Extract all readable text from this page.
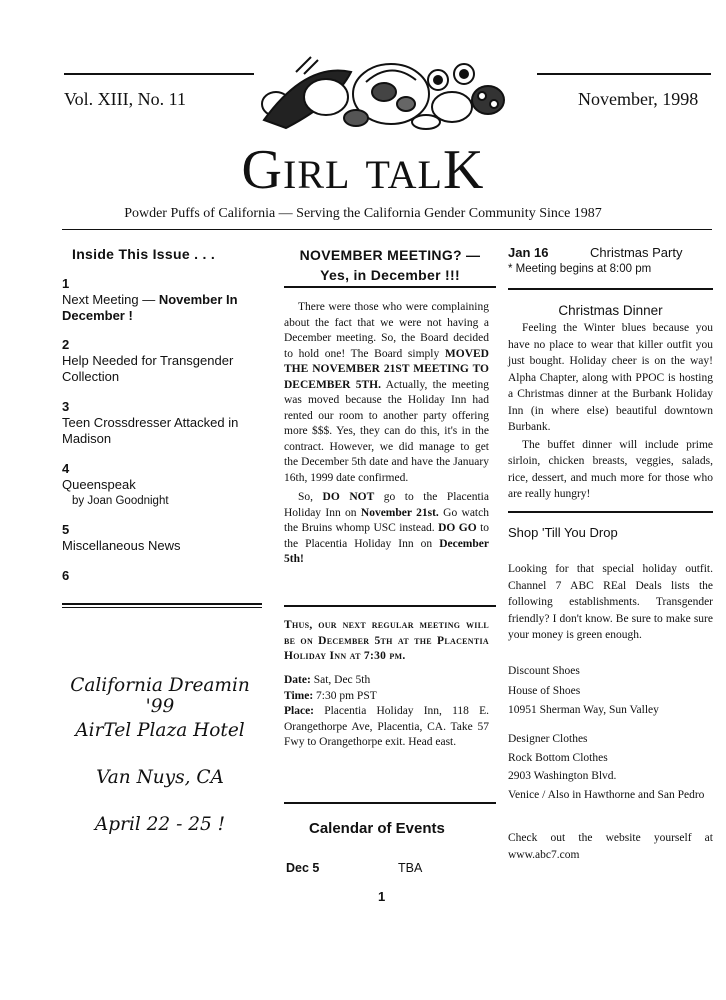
Vol. XIII, No. 11	November, 1998
GIRL TALK
Powder Puffs of California — Serving the California Gender Community Since 1987
Inside This Issue . . .
1
Next Meeting — November In December !
2
Help Needed for Transgender Collection
3
Teen Crossdresser Attacked in Madison
4
Queenspeak
by Joan Goodnight
5
Miscellaneous News
6
California Dreamin '99
AirTel Plaza Hotel
Van Nuys, CA
April 22 - 25 !
NOVEMBER MEETING? —
Yes, in December !!!

There were those who were complaining about the fact that we were not having a December meeting. So, the Board decided to hold one! The Board simply MOVED THE NOVEMBER 21ST MEETING TO DECEMBER 5TH. Actually, the meeting was moved because the Holiday Inn had rented our room to another party offering more $$$. Yes, they can do this, it's in the contract. However, we did manage to get the December 5th date and have the January 16th, 1999 date confirmed.

So, DO NOT go to the Placentia Holiday Inn on November 21st. Go watch the Bruins whomp USC instead. DO GO to the Placentia Holiday Inn on December 5th!

Thus, our next regular meeting will be on December 5th at the Placentia Holiday Inn at 7:30 pm.

Date: Sat, Dec 5th

Time: 7:30 pm PST

Place: Placentia Holiday Inn, 118 E. Orangethorpe Ave, Placentia, CA. Take 57 Fwy to Orangethorpe exit. Head east.

Calendar of Events
Dec 5	TBA
1
Jan 16	Christmas Party
* Meeting begins at 8:00 pm
Christmas Dinner

Feeling the Winter blues because you have no place to wear that killer outfit you just bought. Holiday cheer is on the way! Alpha Chapter, along with PPOC is hosting a Christmas dinner at the Burbank Holiday Inn (in where else) beautiful downtown Burbank.

The buffet dinner will include prime sirloin, chicken breasts, veggies, salads, rice, dessert, and much more for those who are really hungry!

Shop 'Till You Drop
Looking for that special holiday outfit. Channel 7 ABC REal Deals lists the following establishments. Transgender friendly? I don't know. Be sure to make sure your money is green enough.

Discount Shoes

House of Shoes

10951 Sherman Way, Sun Valley

Designer Clothes

Rock Bottom Clothes

2903 Washington Blvd.

Venice / Also in Hawthorne and San Pedro

Check out the website yourself at www.abc7.com
